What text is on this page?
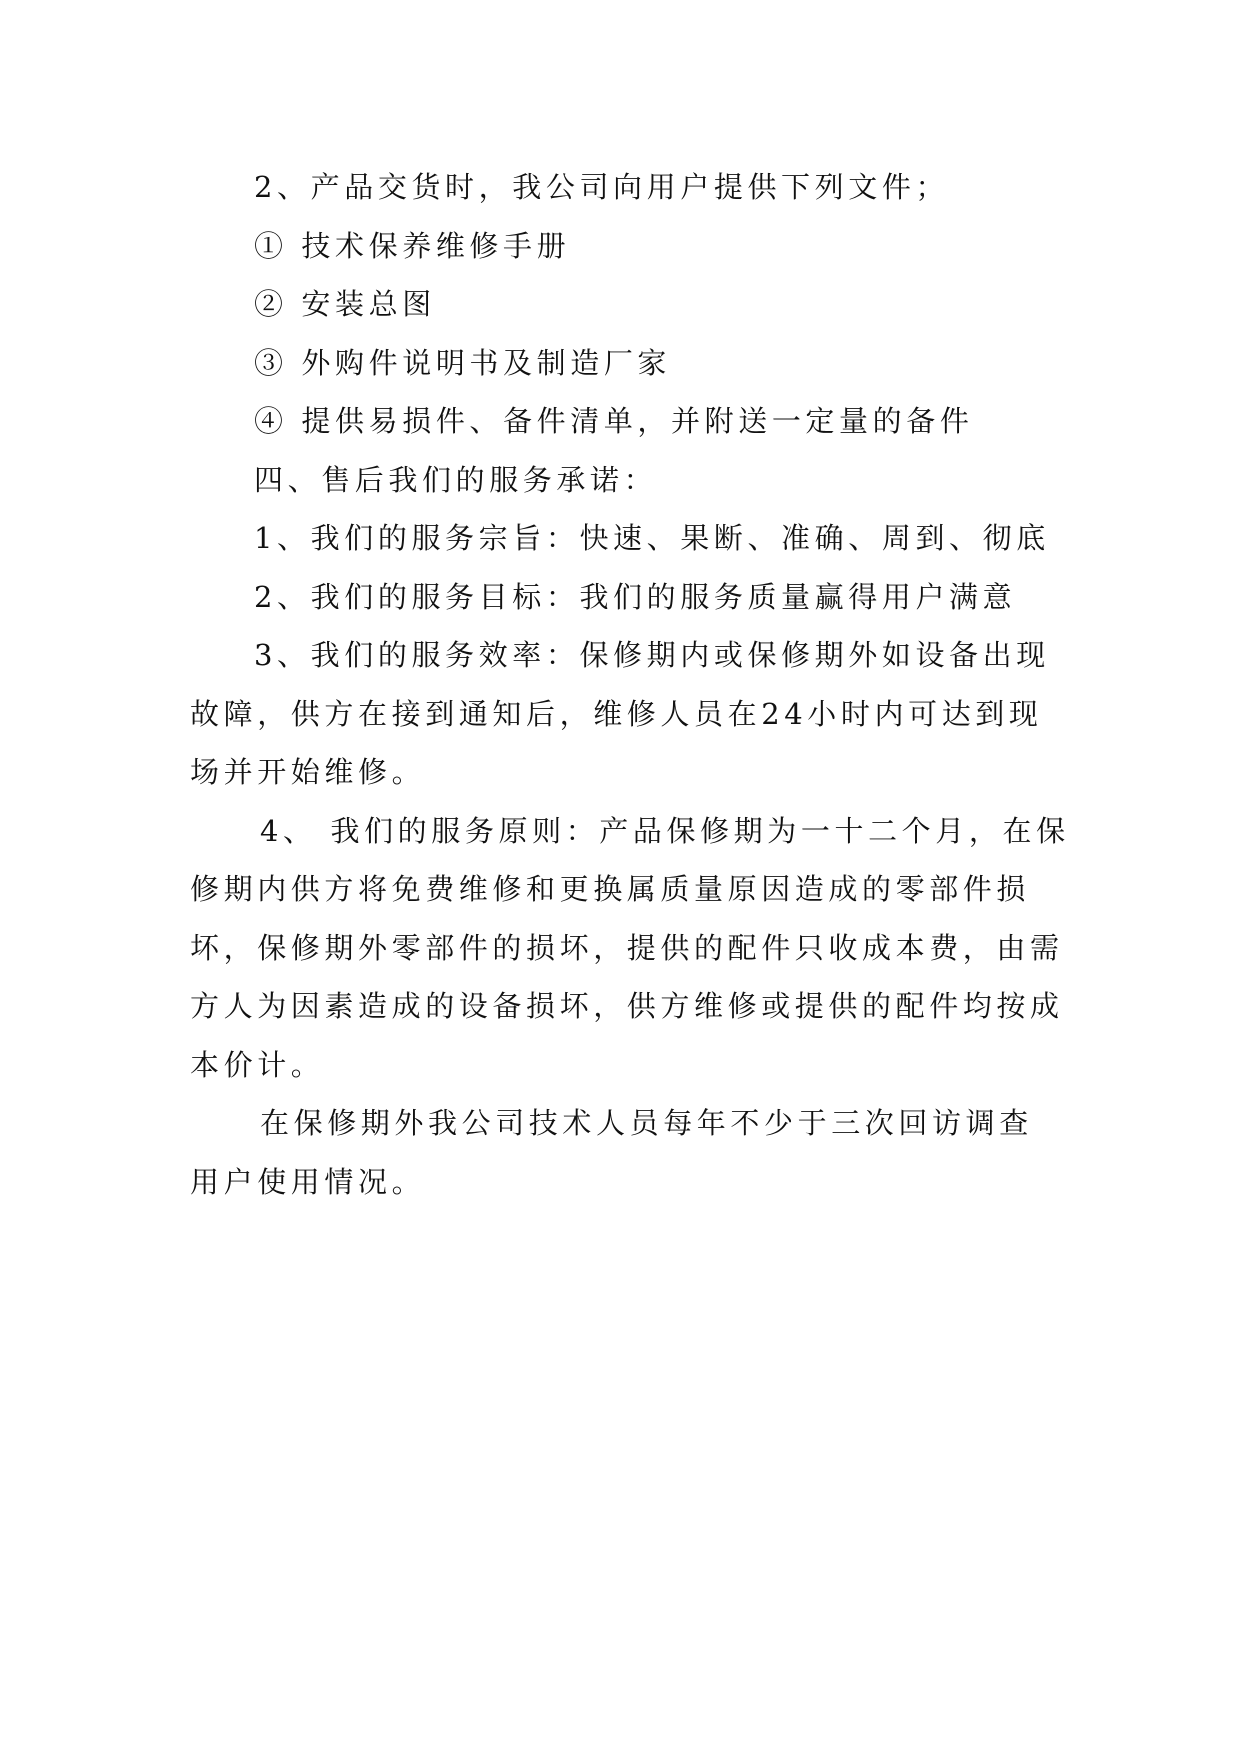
2、产品交货时，我公司向用户提供下列文件；
① 技术保养维修手册
② 安装总图
③ 外购件说明书及制造厂家
④ 提供易损件、备件清单，并附送一定量的备件
四、售后我们的服务承诺：
1、我们的服务宗旨：快速、果断、准确、周到、彻底
2、我们的服务目标：我们的服务质量赢得用户满意
3、我们的服务效率：保修期内或保修期外如设备出现
故障，供方在接到通知后，维修人员在24小时内可达到现
场并开始维修。
4、 我们的服务原则：产品保修期为一十二个月，在保
修期内供方将免费维修和更换属质量原因造成的零部件损
坏，保修期外零部件的损坏，提供的配件只收成本费，由需
方人为因素造成的设备损坏，供方维修或提供的配件均按成
本价计。
在保修期外我公司技术人员每年不少于三次回访调查
用户使用情况。
